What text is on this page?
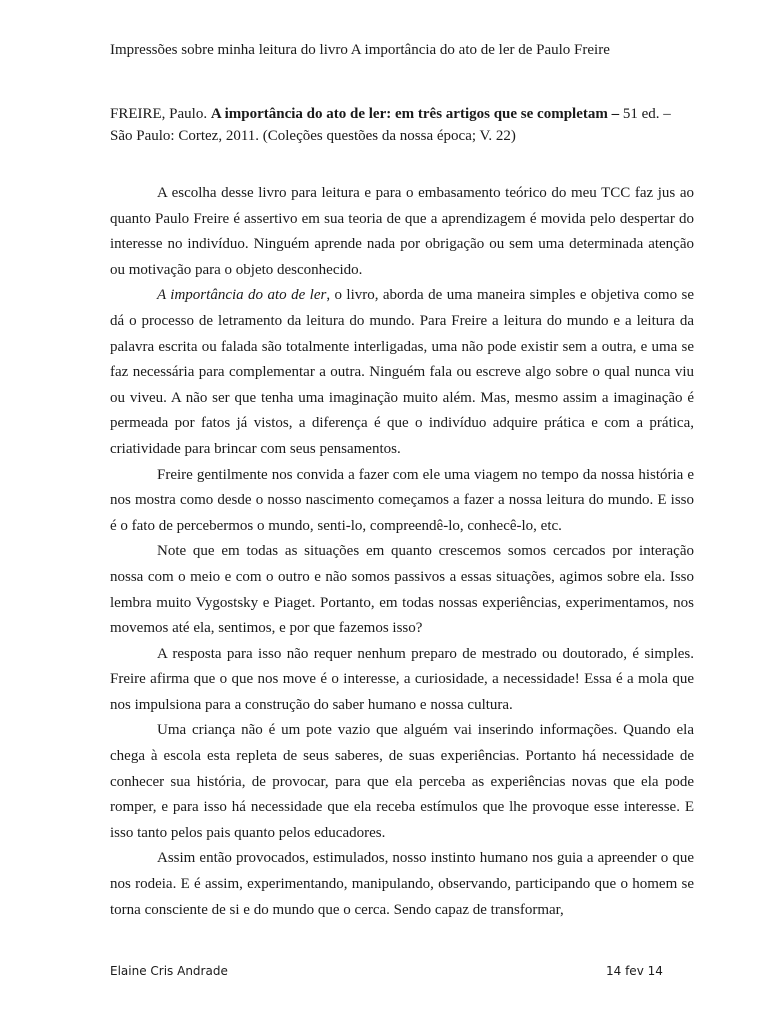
Impressões sobre minha leitura do livro A importância do ato de ler de Paulo Freire
FREIRE, Paulo. A importância do ato de ler: em três artigos que se completam – 51 ed. – São Paulo: Cortez, 2011. (Coleções questões da nossa época; V. 22)

A escolha desse livro para leitura e para o embasamento teórico do meu TCC faz jus ao quanto Paulo Freire é assertivo em sua teoria de que a aprendizagem é movida pelo despertar do interesse no indivíduo. Ninguém aprende nada por obrigação ou sem uma determinada atenção ou motivação para o objeto desconhecido.

A importância do ato de ler, o livro, aborda de uma maneira simples e objetiva como se dá o processo de letramento da leitura do mundo. Para Freire a leitura do mundo e a leitura da palavra escrita ou falada são totalmente interligadas, uma não pode existir sem a outra, e uma se faz necessária para complementar a outra. Ninguém fala ou escreve algo sobre o qual nunca viu ou viveu. A não ser que tenha uma imaginação muito além. Mas, mesmo assim a imaginação é permeada por fatos já vistos, a diferença é que o indivíduo adquire prática e com a prática, criatividade para brincar com seus pensamentos.

Freire gentilmente nos convida a fazer com ele uma viagem no tempo da nossa história e nos mostra como desde o nosso nascimento começamos a fazer a nossa leitura do mundo. E isso é o fato de percebermos o mundo, senti-lo, compreendê-lo, conhecê-lo, etc.

Note que em todas as situações em quanto crescemos somos cercados por interação nossa com o meio e com o outro e não somos passivos a essas situações, agimos sobre ela. Isso lembra muito Vygostsky e Piaget. Portanto, em todas nossas experiências, experimentamos, nos movemos até ela, sentimos, e por que fazemos isso?

A resposta para isso não requer nenhum preparo de mestrado ou doutorado, é simples. Freire afirma que o que nos move é o interesse, a curiosidade, a necessidade! Essa é a mola que nos impulsiona para a construção do saber humano e nossa cultura.

Uma criança não é um pote vazio que alguém vai inserindo informações. Quando ela chega à escola esta repleta de seus saberes, de suas experiências. Portanto há necessidade de conhecer sua história, de provocar, para que ela perceba as experiências novas que ela pode romper, e para isso há necessidade que ela receba estímulos que lhe provoque esse interesse. E isso tanto pelos pais quanto pelos educadores.

Assim então provocados, estimulados, nosso instinto humano nos guia a apreender o que nos rodeia. E é assim, experimentando, manipulando, observando, participando que o homem se torna consciente de si e do mundo que o cerca. Sendo capaz de transformar,

Elaine Cris Andrade	14 fev 14
